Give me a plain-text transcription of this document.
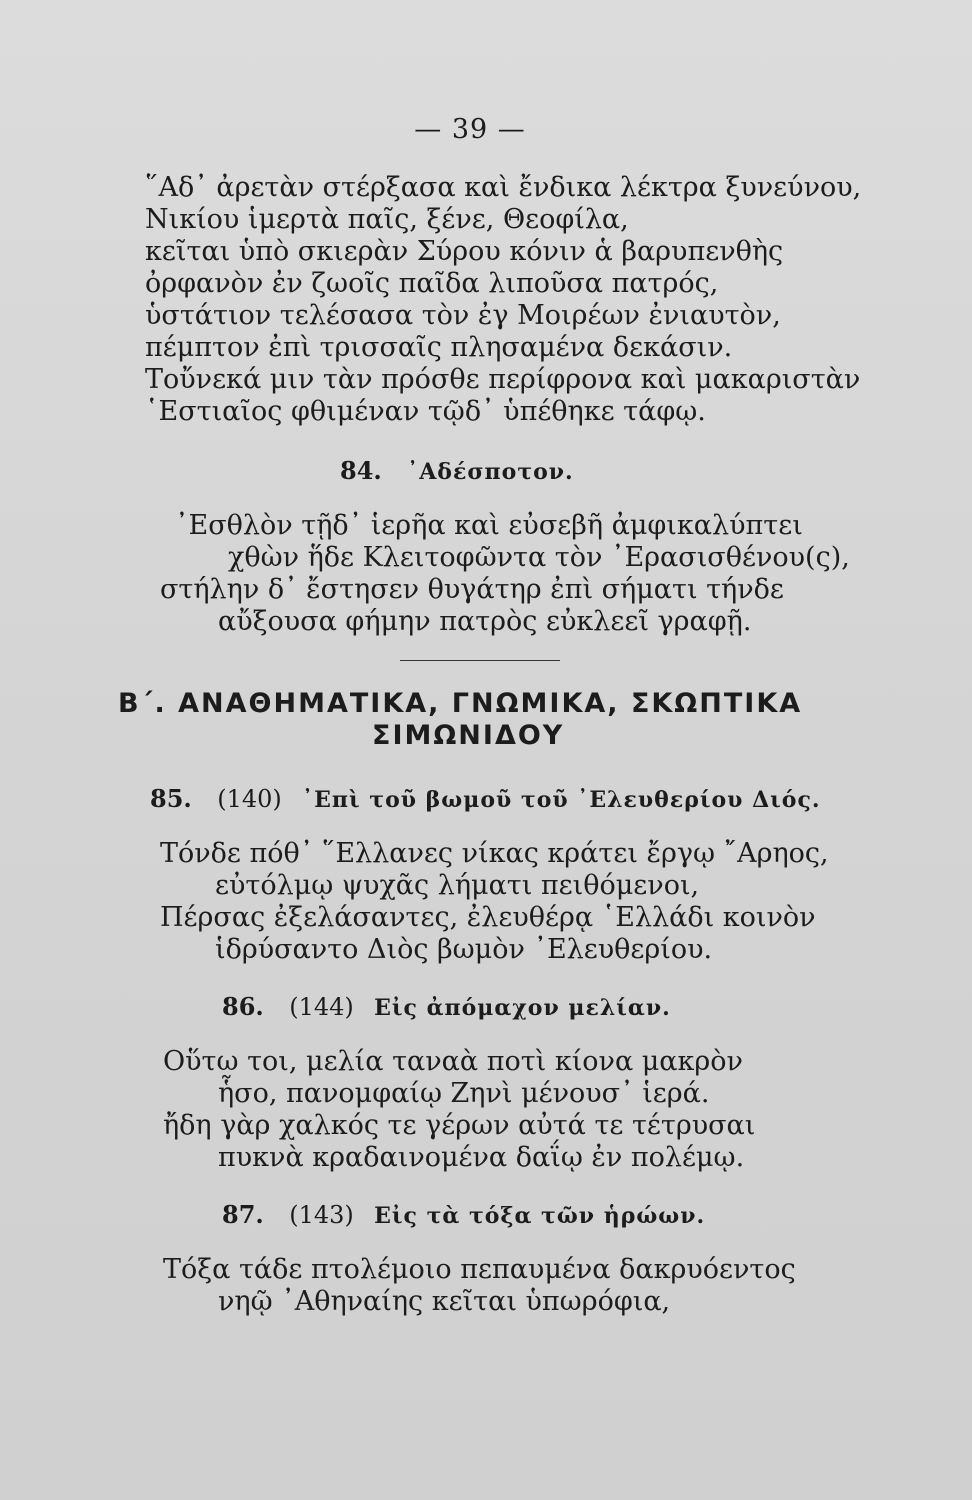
— 39 —
῞Αδ᾿ ἀρετὰν στέρξασα καὶ ἔνδικα λέκτρα ξυνεύνου,
Νικίου ἱμερτὰ παῖς, ξένε, Θεοφίλα,
κεῖται ὑπὸ σκιερὰν Σύρου κόνιν ἁ βαρυπενθὴς
ὀρφανὸν ἐν ζωοῖς παῖδα λιποῦσα πατρός,
ὑστάτιον τελέσασα τὸν ἐγ Μοιρέων ἐνιαυτὸν,
πέμπτον ἐπὶ τρισσαῖς πλησαμένα δεκάσιν.
Τοὔνεκά μιν τὰν πρόσθε περίφρονα καὶ μακαριστὰν
῾Εστιαῖος φθιμέναν τῷδ᾿ ὑπέθηκε τάφῳ.
84. ᾿Αδέσποτον.
᾿Εσθλὸν τῇδ᾿ ἱερῆα καὶ εὐσεβῆ ἀμφικαλύπτει
χθὼν ἥδε Κλειτοφῶντα τὸν ᾿Ερασισθένου(ς),
στήλην δ᾿ ἔστησεν θυγάτηρ ἐπὶ σήματι τήνδε
αὔξουσα φήμην πατρὸς εὐκλεεῖ γραφῇ.
Β΄. ΑΝΑΘΗΜΑΤΙΚΑ, ΓΝΩΜΙΚΑ, ΣΚΩΠΤΙΚΑ
ΣΙΜΩΝΙΔΟΥ
85. (140) ᾿Επὶ τοῦ βωμοῦ τοῦ ᾿Ελευθερίου Διός.
Τόνδε πόθ᾿ ῞Ελλανες νίκας κράτει ἔργῳ ῎Αρηος,
εὐτόλμῳ ψυχᾶς λήματι πειθόμενοι,
Πέρσας ἐξελάσαντες, ἐλευθέρᾳ ῾Ελλάδι κοινὸν
ἱδρύσαντο Διὸς βωμὸν ᾿Ελευθερίου.
86. (144) Εἰς ἀπόμαχον μελίαν.
Οὕτω τοι, μελία ταναὰ ποτὶ κίονα μακρὸν
ἧσο, πανομφαίῳ Ζηνὶ μένουσ᾿ ἱερά.
ἤδη γὰρ χαλκός τε γέρων αὐτά τε τέτρυσαι
πυκνὰ κραδαινομένα δαΐῳ ἐν πολέμῳ.
87. (143) Εἰς τὰ τόξα τῶν ἡρώων.
Τόξα τάδε πτολέμοιο πεπαυμένα δακρυόεντος
νηῷ ᾿Αθηναίης κεῖται ὑπωρόφια,
